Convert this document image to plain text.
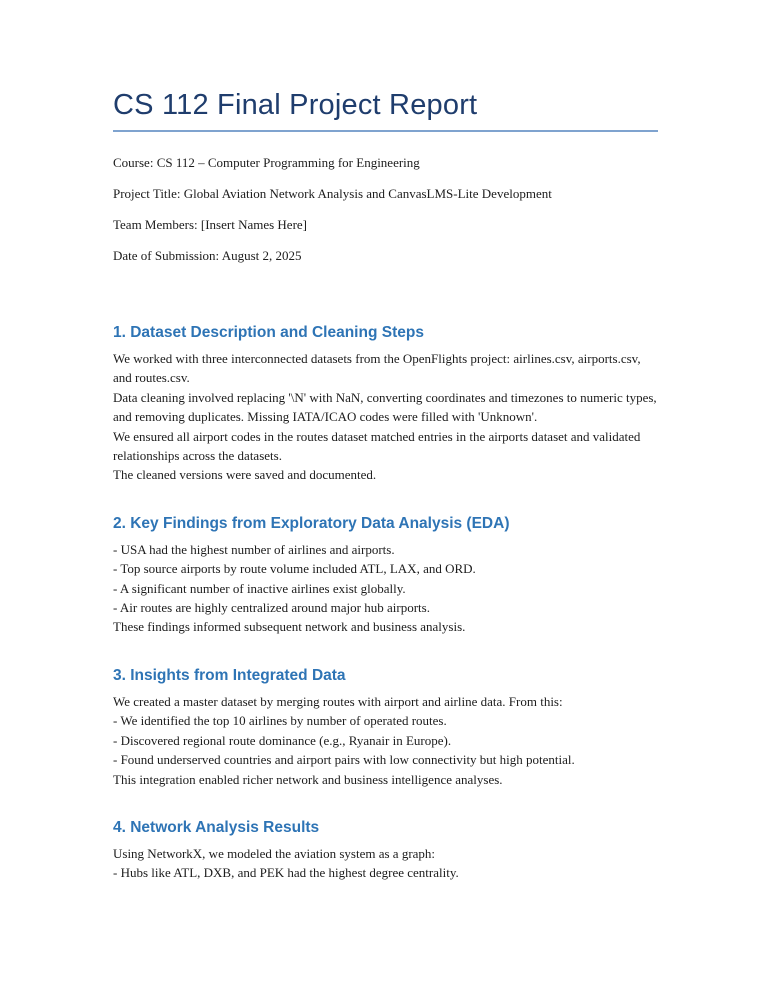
CS 112 Final Project Report

Course: CS 112 – Computer Programming for Engineering

Project Title: Global Aviation Network Analysis and CanvasLMS-Lite Development

Team Members: [Insert Names Here]

Date of Submission: August 2, 2025

1. Dataset Description and Cleaning Steps

We worked with three interconnected datasets from the OpenFlights project: airlines.csv, airports.csv, and routes.csv.

Data cleaning involved replacing '\N' with NaN, converting coordinates and timezones to numeric types, and removing duplicates. Missing IATA/ICAO codes were filled with 'Unknown'.

We ensured all airport codes in the routes dataset matched entries in the airports dataset and validated relationships across the datasets.

The cleaned versions were saved and documented.

2. Key Findings from Exploratory Data Analysis (EDA)

- USA had the highest number of airlines and airports.

- Top source airports by route volume included ATL, LAX, and ORD.

- A significant number of inactive airlines exist globally.

- Air routes are highly centralized around major hub airports.

These findings informed subsequent network and business analysis.

3. Insights from Integrated Data

We created a master dataset by merging routes with airport and airline data. From this:

- We identified the top 10 airlines by number of operated routes.

- Discovered regional route dominance (e.g., Ryanair in Europe).

- Found underserved countries and airport pairs with low connectivity but high potential.

This integration enabled richer network and business intelligence analyses.

4. Network Analysis Results

Using NetworkX, we modeled the aviation system as a graph:

- Hubs like ATL, DXB, and PEK had the highest degree centrality.
